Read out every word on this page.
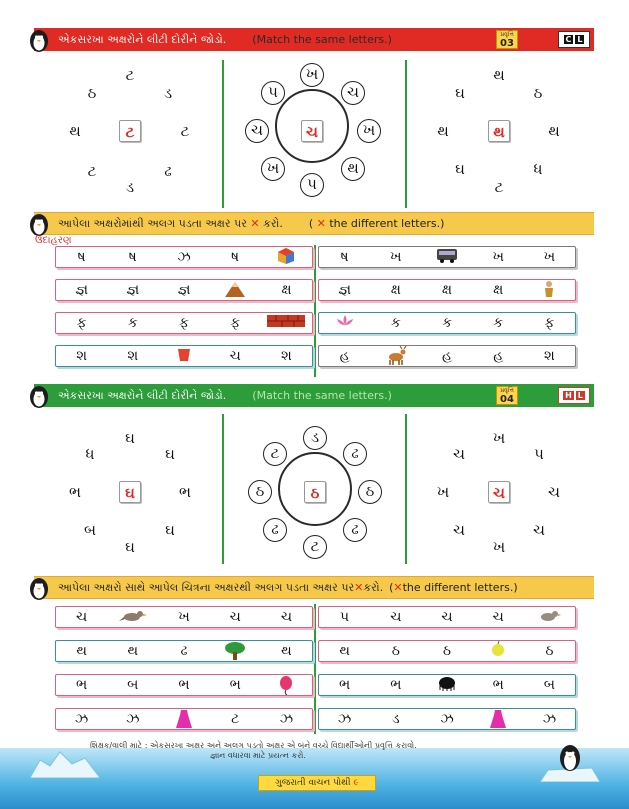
એકસરખા અક્ષરોને લીટી દોરીને જોડો. (Match the same letters.)	પ્રવૃત્તિ
03	C L
ટ
ડ
ટ
ઢ
ડ
ટ
થ
ઠ
ટ
ખ
ચ
ખ
થ
પ
ખ
ચ
પ
ચ
થ
ઠ
થ
ધ
ટ
ઘ
થ
ઘ
થ
આપેલા અક્ષરોમાંથી અલગ પડતા અક્ષર પર
✕
કરો. ( ✕ the different letters.)
ઉદાહરણ
ષ	ષ	ઝ	ષ
જ્ઞ	જ્ઞ	જ્ઞ	ક્ષ
ફ	ક	ફ	ફ
શ	શ	ચ	શ
ષ	ખ	ખ	ખ
જ્ઞ	ક્ષ	ક્ષ	ક્ષ
ક	ક	ક	ફ
હ	હ	હ	શ
એકસરખા અક્ષરોને લીટી દોરીને જોડો. (Match the same letters.)	પ્રવૃત્તિ
04	H L
ઘ
ઘ
ભ
ઘ
ઘ
બ
ભ
ધ
ઘ
ડ
ઢ
ઠ
ઢ
ટ
ઢ
ઠ
ટ
ઠ
ખ
પ
ચ
ચ
ખ
ચ
ખ
ચ
ચ
આપેલા અક્ષરો સાથે આપેલ ચિત્રના અક્ષરથી અલગ પડતા અક્ષર પર ✕ કરો. (✕the different letters.)
ચ	ખ	ચ	ચ
થ	થ	ઢ	થ
ભ	બ	ભ	ભ
ઝ	ઝ	ટ	ઝ
પ	ચ	ચ	ચ
થ	ઠ	ઠ	ઠ
ભ	ભ	ભ	બ
ઝ	ડ	ઝ	ઝ
શિક્ષક/વાલી માટે : એકસરખા અક્ષર અને અલગ પડતો અક્ષર એ બંને વચ્ચે વિદ્યાર્થીઓની પ્રવૃત્તિ કરાવો.
જ્ઞાન વધારવા માટે પ્રયત્ન કરો.
ગુજરાતી વાચન પોથી ૯
